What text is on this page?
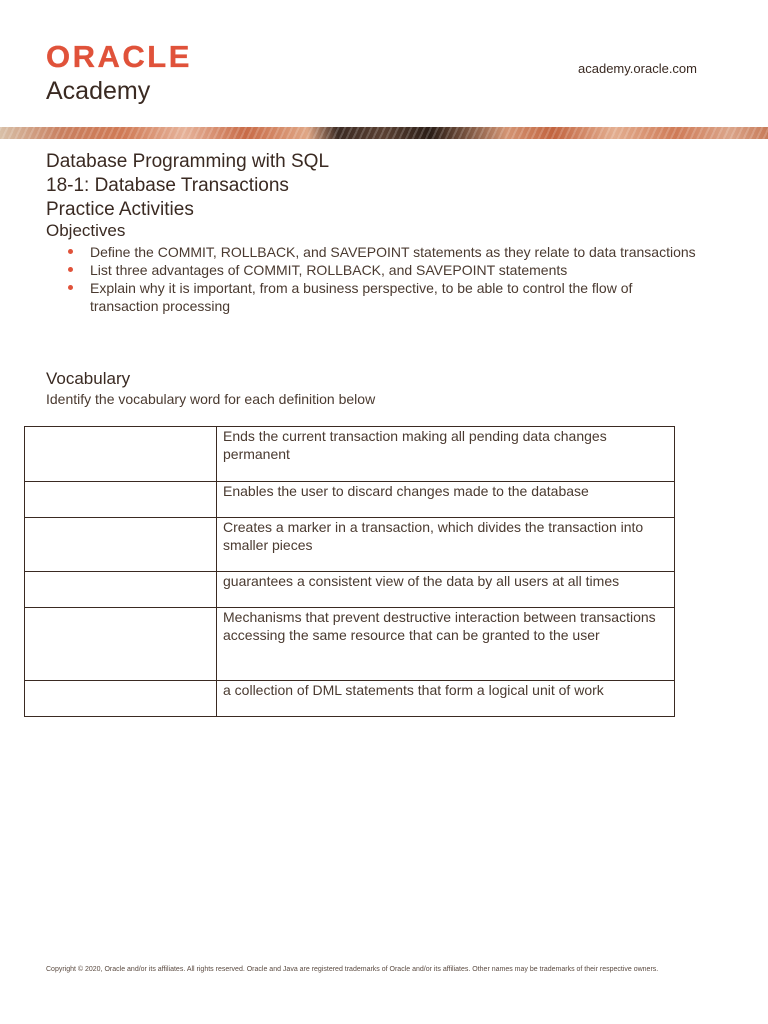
ORACLE
Academy
academy.oracle.com
Database Programming with SQL
18-1: Database Transactions
Practice Activities
Objectives
Define the COMMIT, ROLLBACK, and SAVEPOINT statements as they relate to data transactions
List three advantages of COMMIT, ROLLBACK, and SAVEPOINT statements
Explain why it is important, from a business perspective, to be able to control the flow of transaction processing
Vocabulary
Identify the vocabulary word for each definition below
	Ends the current transaction making all pending data changes permanent
	Enables the user to discard changes made to the database
	Creates a marker in a transaction, which divides the transaction into smaller pieces
	guarantees a consistent view of the data by all users at all times
	Mechanisms that prevent destructive interaction between transactions accessing the same resource that can be granted to the user
	a collection of DML statements that form a logical unit of work
Copyright © 2020, Oracle and/or its affiliates. All rights reserved. Oracle and Java are registered trademarks of Oracle and/or its affiliates. Other names may be trademarks of their respective owners.
